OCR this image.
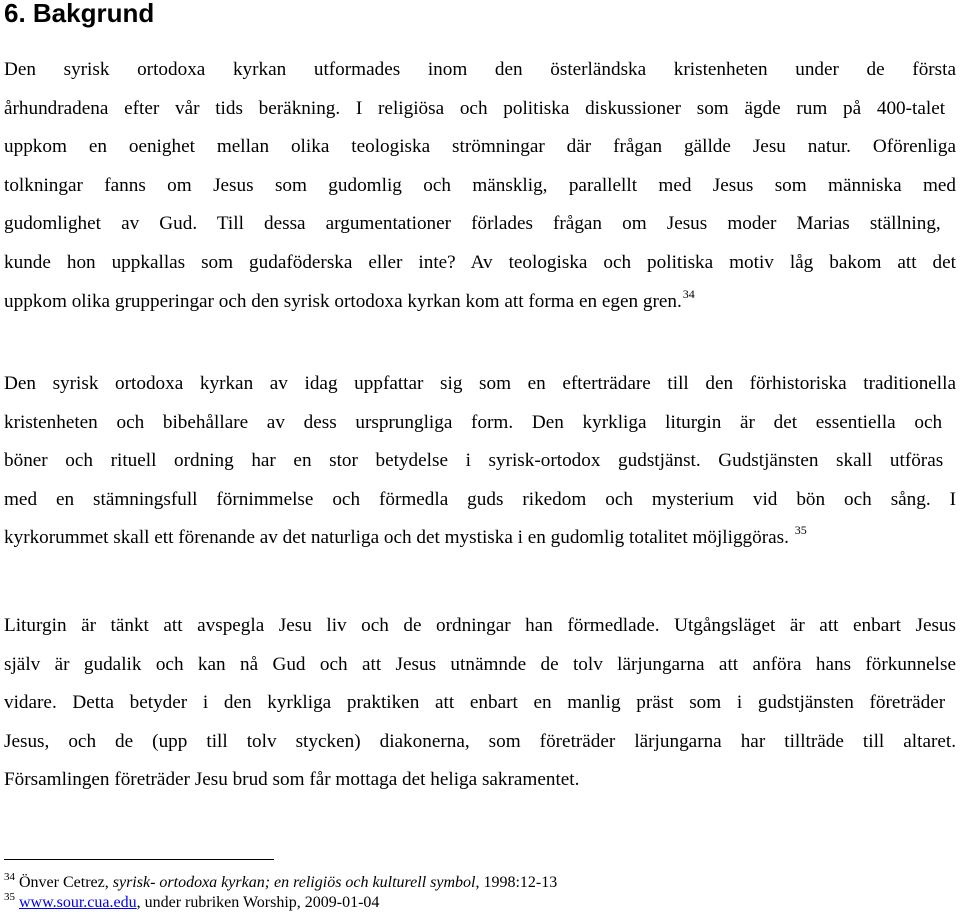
6. Bakgrund
Den syrisk ortodoxa kyrkan utformades inom den österländska kristenheten under de första
århundradena efter vår tids beräkning. I religiösa och politiska diskussioner som ägde rum på 400-talet
uppkom en oenighet mellan olika teologiska strömningar där frågan gällde Jesu natur. Oförenliga
tolkningar fanns om Jesus som gudomlig och mänsklig, parallellt med Jesus som människa med
gudomlighet av Gud. Till dessa argumentationer förlades frågan om Jesus moder Marias ställning,
kunde hon uppkallas som gudaföderska eller inte? Av teologiska och politiska motiv låg bakom att det
uppkom olika grupperingar och den syrisk ortodoxa kyrkan kom att forma en egen gren.$^{34}$
Den syrisk ortodoxa kyrkan av idag uppfattar sig som en efterträdare till den förhistoriska traditionella
kristenheten och bibehållare av dess ursprungliga form. Den kyrkliga liturgin är det essentiella och
böner och rituell ordning har en stor betydelse i syrisk-ortodox gudstjänst. Gudstjänsten skall utföras
med en stämningsfull förnimmelse och förmedla guds rikedom och mysterium vid bön och sång. I
kyrkorummet skall ett förenande av det naturliga och det mystiska i en gudomlig totalitet möjliggöras. $^{35}$
Liturgin är tänkt att avspegla Jesu liv och de ordningar han förmedlade. Utgångsläget är att enbart Jesus
själv är gudalik och kan nå Gud och att Jesus utnämnde de tolv lärjungarna att anföra hans förkunnelse
vidare. Detta betyder i den kyrkliga praktiken att enbart en manlig präst som i gudstjänsten företräder
Jesus, och de (upp till tolv stycken) diakonerna, som företräder lärjungarna har tillträde till altaret.
Församlingen företräder Jesu brud som får mottaga det heliga sakramentet.
$^{34}$ Önver Cetrez, syrisk- ortodoxa kyrkan; en religiös och kulturell symbol, 1998:12-13
$^{35}$ www.sour.cua.edu, under rubriken Worship, 2009-01-04
